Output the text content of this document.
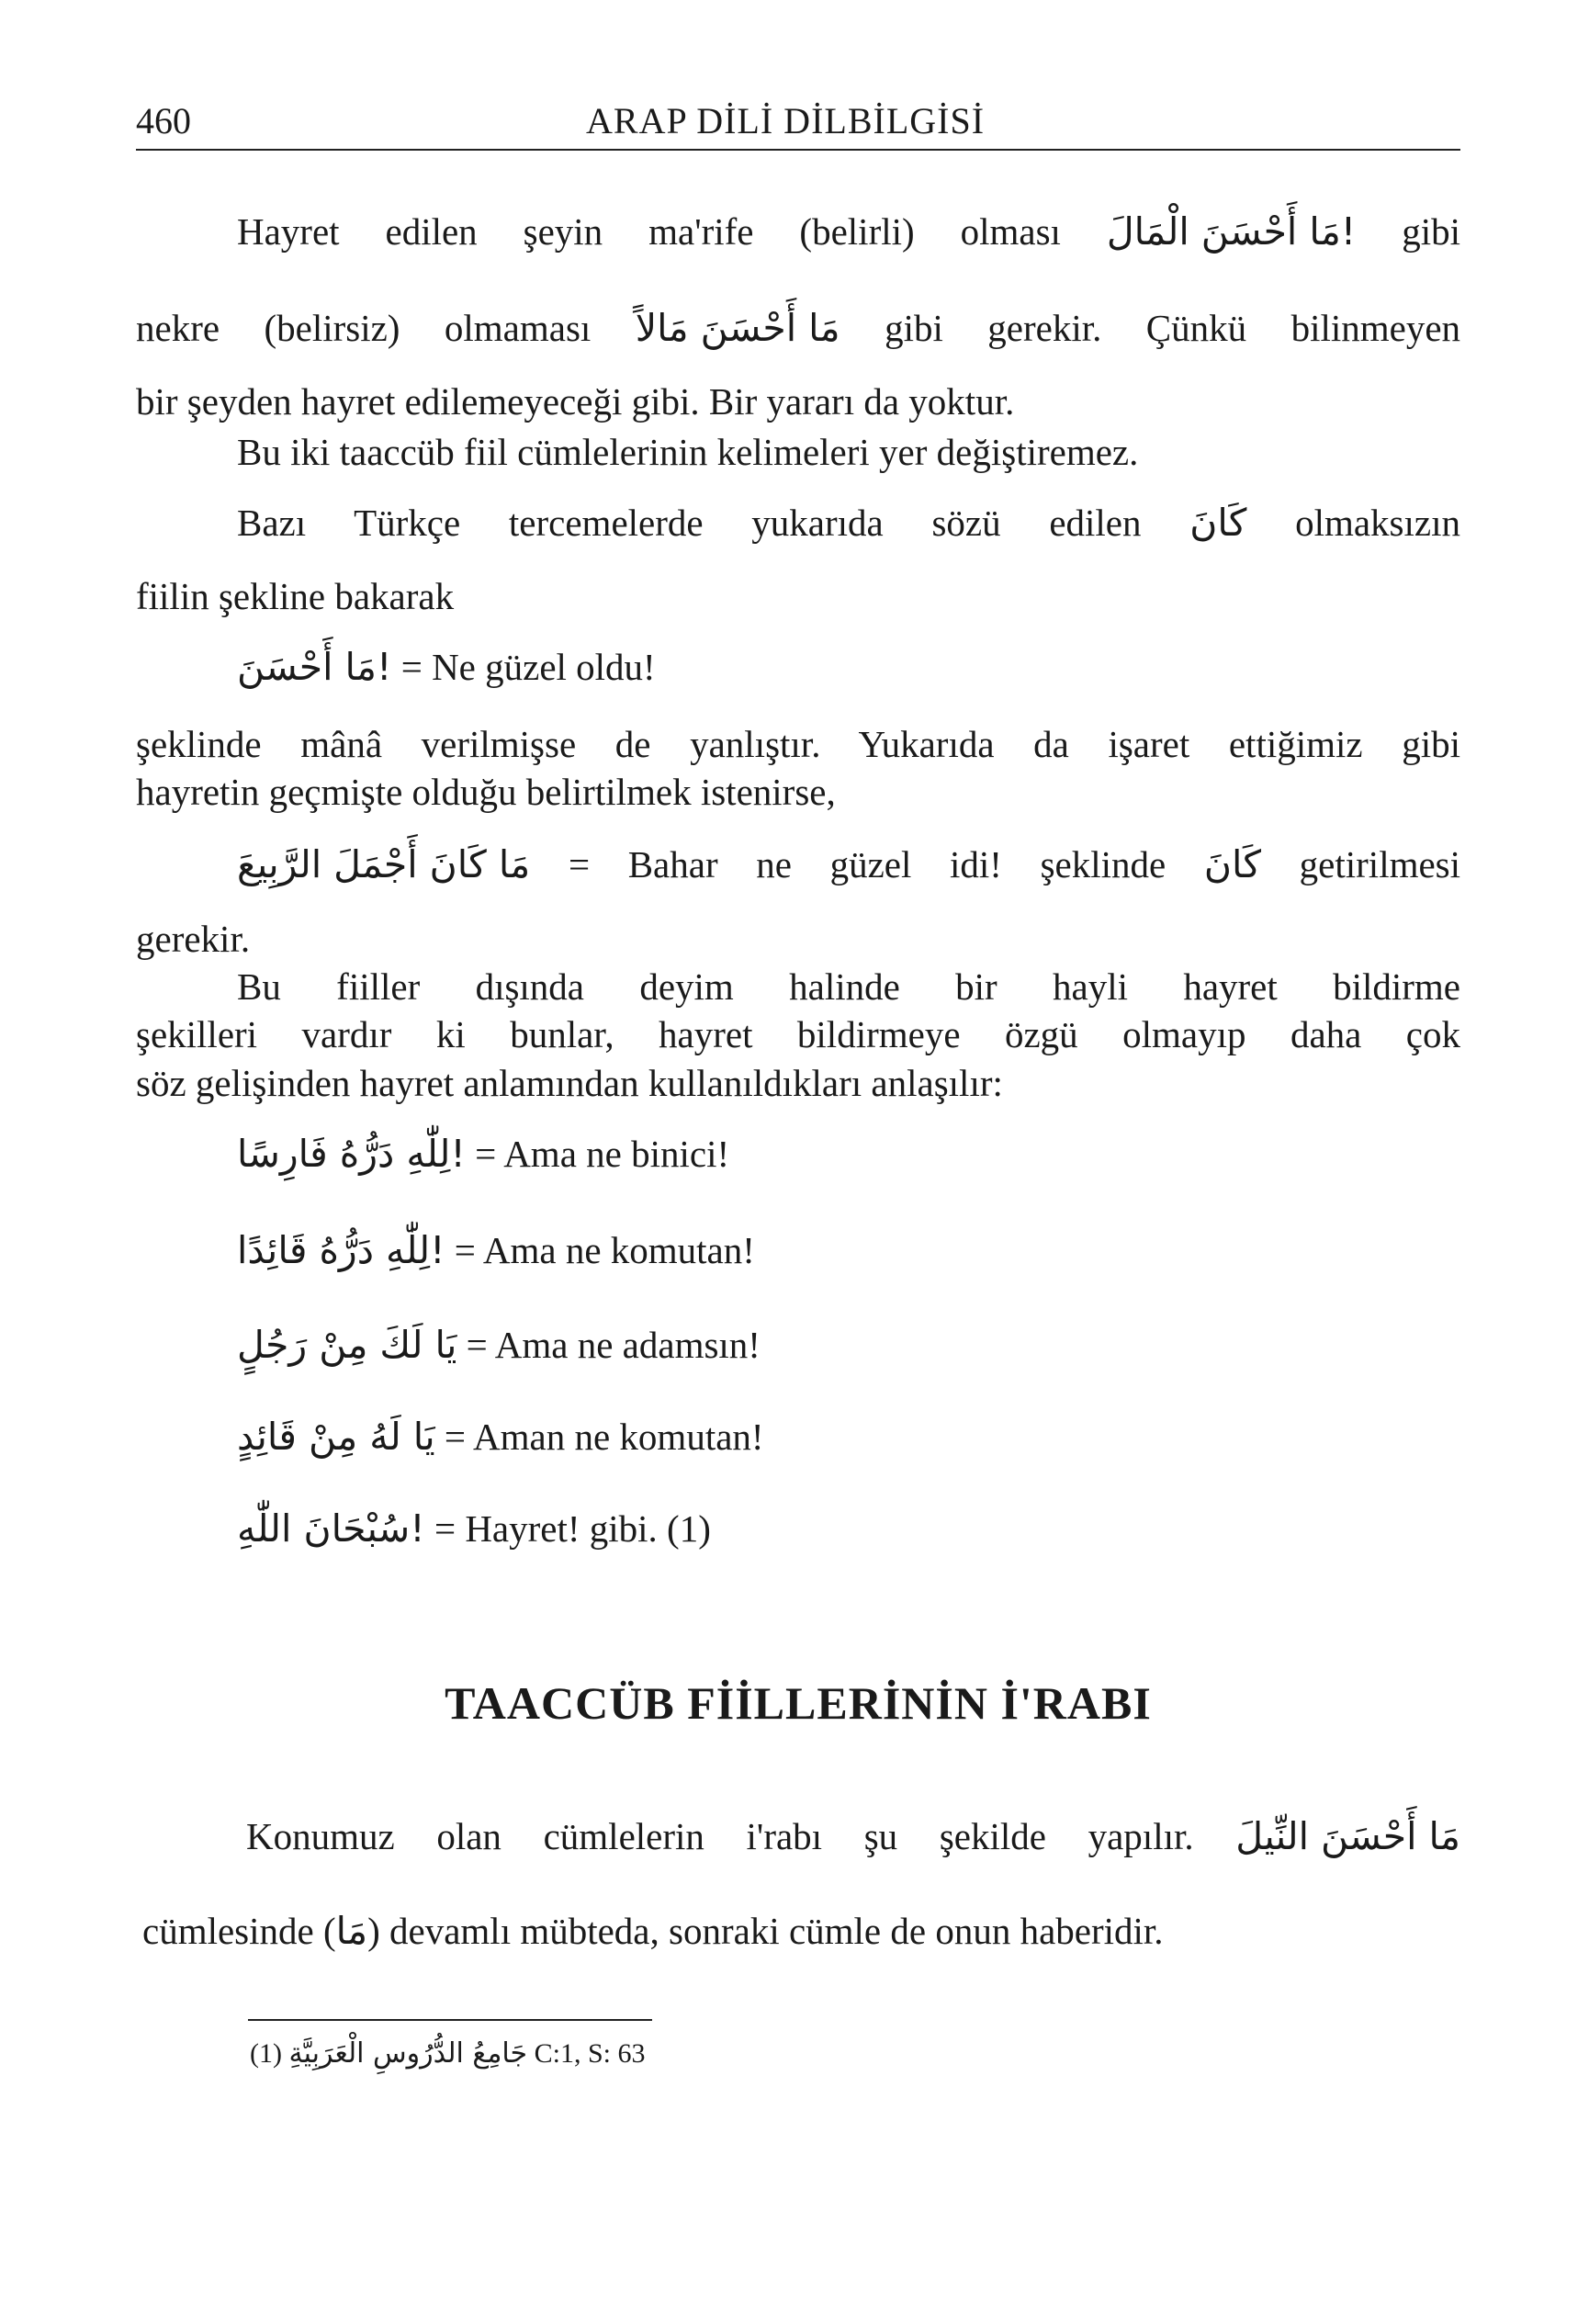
460	ARAP DİLİ DİLBİLGİSİ
Hayret edilen şeyin ma'rife (belirli) olması !مَا أَحْسَنَ الْمَالَ gibi
nekre (belirsiz) olmaması مَا أَحْسَنَ مَالاً gibi gerekir. Çünkü bilinmeyen
bir şeyden hayret edilemeyeceği gibi. Bir yararı da yoktur.
Bu iki taaccüb fiil cümlelerinin kelimeleri yer değiştiremez.
Bazı Türkçe tercemelerde yukarıda sözü edilen كَانَ olmaksızın
fiilin şekline bakarak
!مَا أَحْسَنَ = Ne güzel oldu!
şeklinde mânâ verilmişse de yanlıştır. Yukarıda da işaret ettiğimiz gibi
hayretin geçmişte olduğu belirtilmek istenirse,
مَا كَانَ أَجْمَلَ الرَّبِيعَ = Bahar ne güzel idi! şeklinde كَانَ getirilmesi
gerekir.
Bu fiiller dışında deyim halinde bir hayli hayret bildirme
şekilleri vardır ki bunlar, hayret bildirmeye özgü olmayıp daha çok
söz gelişinden hayret anlamından kullanıldıkları anlaşılır:
!لِلّٰهِ دَرُّهُ فَارِسًا = Ama ne binici!
!لِلّٰهِ دَرُّهُ قَائِدًا = Ama ne komutan!
يَا لَكَ مِنْ رَجُلٍ = Ama ne adamsın!
يَا لَهُ مِنْ قَائِدٍ = Aman ne komutan!
!سُبْحَانَ اللّٰهِ = Hayret! gibi. (1)
TAACCÜB FİİLLERİNİN İ'RABI
Konumuz olan cümlelerin i'rabı şu şekilde yapılır. مَا أَحْسَنَ النِّيلَ
cümlesinde (مَا) devamlı mübteda, sonraki cümle de onun haberidir.
(1) جَامِعُ الدُّرُوسِ الْعَرَبِيَّةِ C:1, S: 63
